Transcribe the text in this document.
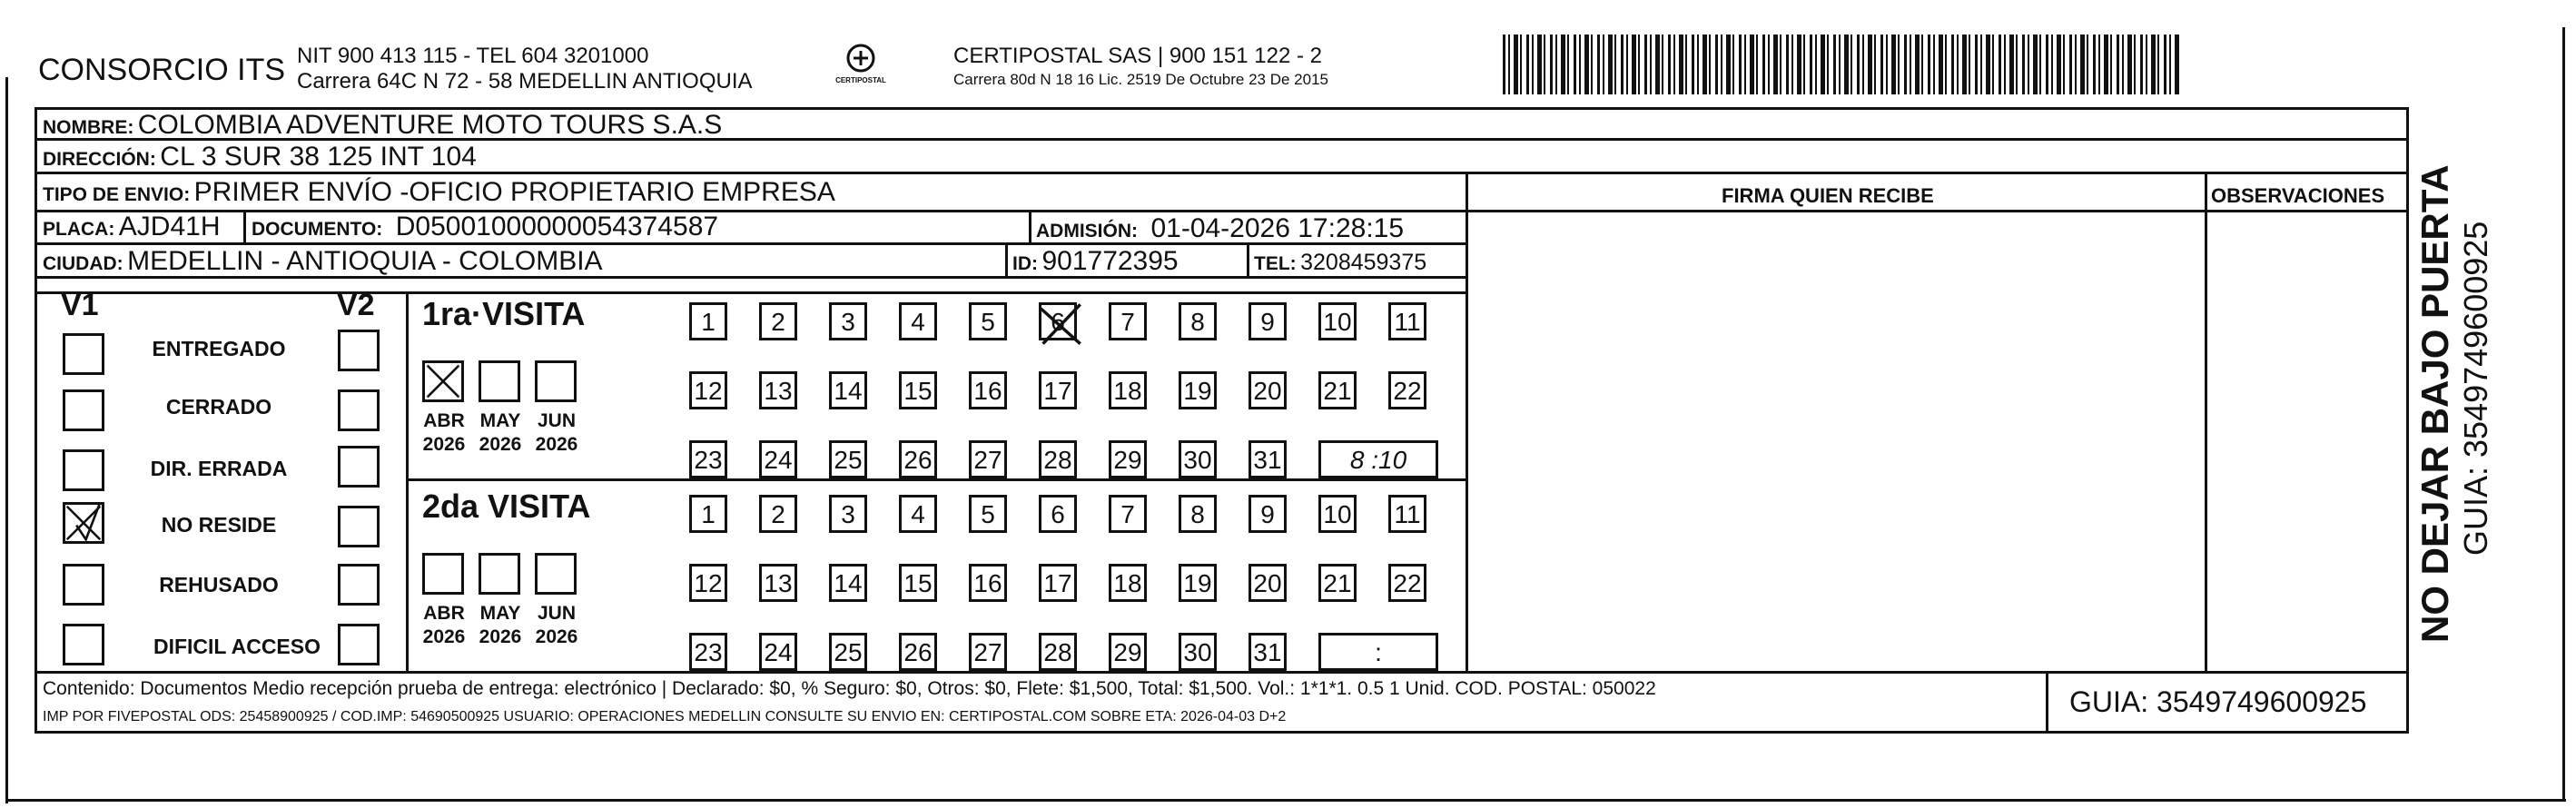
CONSORCIO ITS NIT 900 413 115 - TEL 604 3201000
Carrera 64C N 72 - 58 MEDELLIN ANTIOQUIA	CERTIPOSTAL
CERTIPOSTAL SAS | 900 151 122 - 2
Carrera 80d N 18 16 Lic. 2519 De Octubre 23 De 2015
NOMBRE: COLOMBIA ADVENTURE MOTO TOURS S.A.S
DIRECCIÓN: CL 3 SUR 38 125 INT 104
TIPO DE ENVIO: PRIMER ENVÍO -OFICIO PROPIETARIO EMPRESA	FIRMA QUIEN RECIBE	OBSERVACIONES
PLACA: AJD41H DOCUMENTO: D05001000000054374587	ADMISIÓN: 01-04-2026 17:28:15
CIUDAD: MEDELLIN - ANTIOQUIA - COLOMBIA	ID: 901772395	TEL: 3208459375
V1	V2
ENTREGADO
CERRADO
DIR. ERRADA
NO RESIDE
REHUSADO
DIFICIL ACCESO
1ra·VISITA
ABR
2026
MAY
2026
JUN
2026
1	2	3	4	5	6	7	8	9	10 11
12 13 14 15 16 17 18 19 20 21 22
23 24 25 26 27 28 29 30 31	8 :10
2da VISITA
ABR
2026
MAY
2026
JUN
2026
1	2	3	4	5	6	7	8	9	10 11
12 13 14 15 16 17 18 19 20 21 22
23 24 25 26 27 28 29 30 31	:
Contenido: Documentos Medio recepción prueba de entrega: electrónico | Declarado: $0, % Seguro: $0, Otros: $0, Flete: $1,500, Total: $1,500. Vol.: 1*1*1. 0.5 1 Unid. COD. POSTAL: 050022
IMP POR FIVEPOSTAL ODS: 25458900925 / COD.IMP: 54690500925 USUARIO: OPERACIONES MEDELLIN CONSULTE SU ENVIO EN: CERTIPOSTAL.COM SOBRE ETA: 2026-04-03 D+2	GUIA: 3549749600925
NO DEJAR BAJO PUERTA GUIA: 3549749600925
